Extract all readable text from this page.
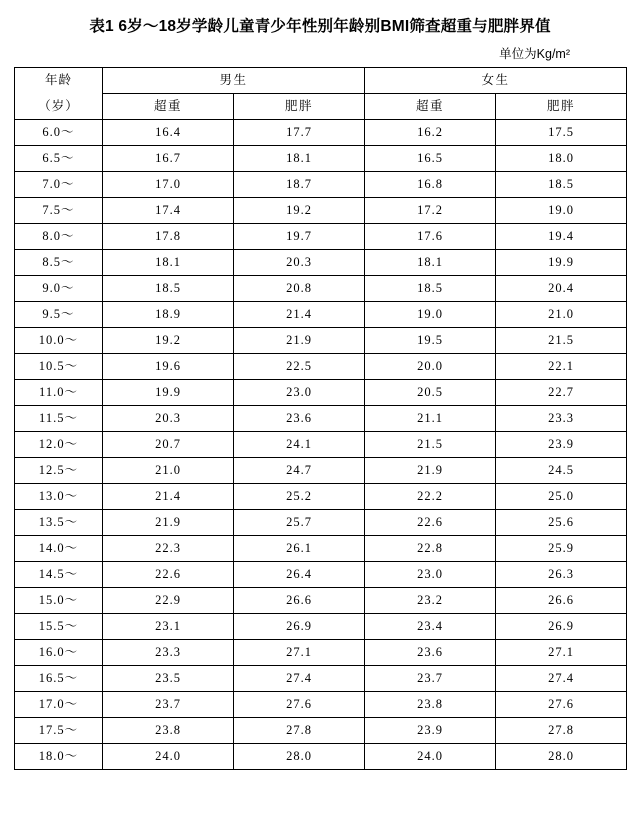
表1 6岁～18岁学龄儿童青少年性别年龄别BMI筛查超重与肥胖界值
单位为Kg/m²
年龄	男生		女生	
（岁）	超重	肥胖	超重	肥胖
6.0～	16.4	17.7	16.2	17.5
6.5～	16.7	18.1	16.5	18.0
7.0～	17.0	18.7	16.8	18.5
7.5～	17.4	19.2	17.2	19.0
8.0～	17.8	19.7	17.6	19.4
8.5～	18.1	20.3	18.1	19.9
9.0～	18.5	20.8	18.5	20.4
9.5～	18.9	21.4	19.0	21.0
10.0～	19.2	21.9	19.5	21.5
10.5～	19.6	22.5	20.0	22.1
11.0～	19.9	23.0	20.5	22.7
11.5～	20.3	23.6	21.1	23.3
12.0～	20.7	24.1	21.5	23.9
12.5～	21.0	24.7	21.9	24.5
13.0～	21.4	25.2	22.2	25.0
13.5～	21.9	25.7	22.6	25.6
14.0～	22.3	26.1	22.8	25.9
14.5～	22.6	26.4	23.0	26.3
15.0～	22.9	26.6	23.2	26.6
15.5～	23.1	26.9	23.4	26.9
16.0～	23.3	27.1	23.6	27.1
16.5～	23.5	27.4	23.7	27.4
17.0～	23.7	27.6	23.8	27.6
17.5～	23.8	27.8	23.9	27.8
18.0～	24.0	28.0	24.0	28.0
